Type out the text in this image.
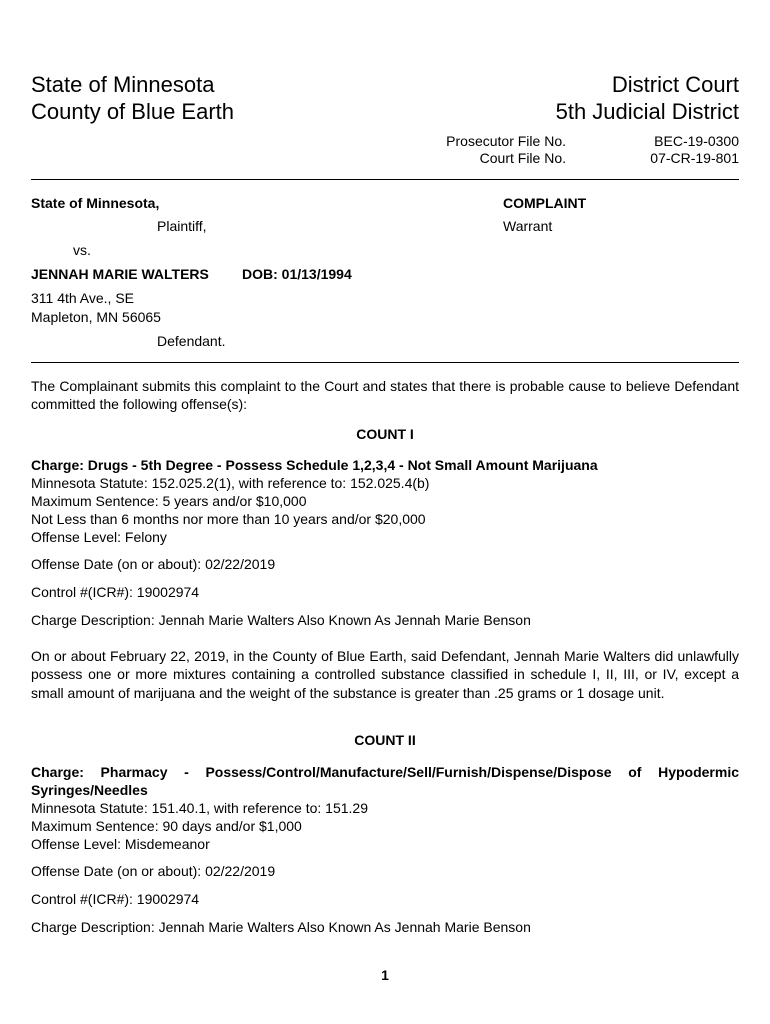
State of Minnesota
County of Blue Earth
District Court
5th Judicial District
Prosecutor File No.	BEC-19-0300
Court File No.	07-CR-19-801
State of Minnesota,
Plaintiff,
vs.
JENNAH MARIE WALTERS DOB: 01/13/1994
311 4th Ave., SE
Mapleton, MN 56065
Defendant.
COMPLAINT
Warrant
The Complainant submits this complaint to the Court and states that there is probable cause to believe Defendant committed the following offense(s):
COUNT I
Charge: Drugs - 5th Degree - Possess Schedule 1,2,3,4 - Not Small Amount Marijuana
Minnesota Statute: 152.025.2(1), with reference to: 152.025.4(b)
Maximum Sentence: 5 years and/or $10,000
Not Less than 6 months nor more than 10 years and/or $20,000
Offense Level: Felony
Offense Date (on or about): 02/22/2019
Control #(ICR#): 19002974
Charge Description: Jennah Marie Walters Also Known As Jennah Marie Benson
On or about February 22, 2019, in the County of Blue Earth, said Defendant, Jennah Marie Walters did unlawfully possess one or more mixtures containing a controlled substance classified in schedule I, II, III, or IV, except a small amount of marijuana and the weight of the substance is greater than .25 grams or 1 dosage unit.
COUNT II
Charge: Pharmacy - Possess/Control/Manufacture/Sell/Furnish/Dispense/Dispose of Hypodermic Syringes/Needles
Minnesota Statute: 151.40.1, with reference to: 151.29
Maximum Sentence: 90 days and/or $1,000
Offense Level: Misdemeanor
Offense Date (on or about): 02/22/2019
Control #(ICR#): 19002974
Charge Description: Jennah Marie Walters Also Known As Jennah Marie Benson
1
